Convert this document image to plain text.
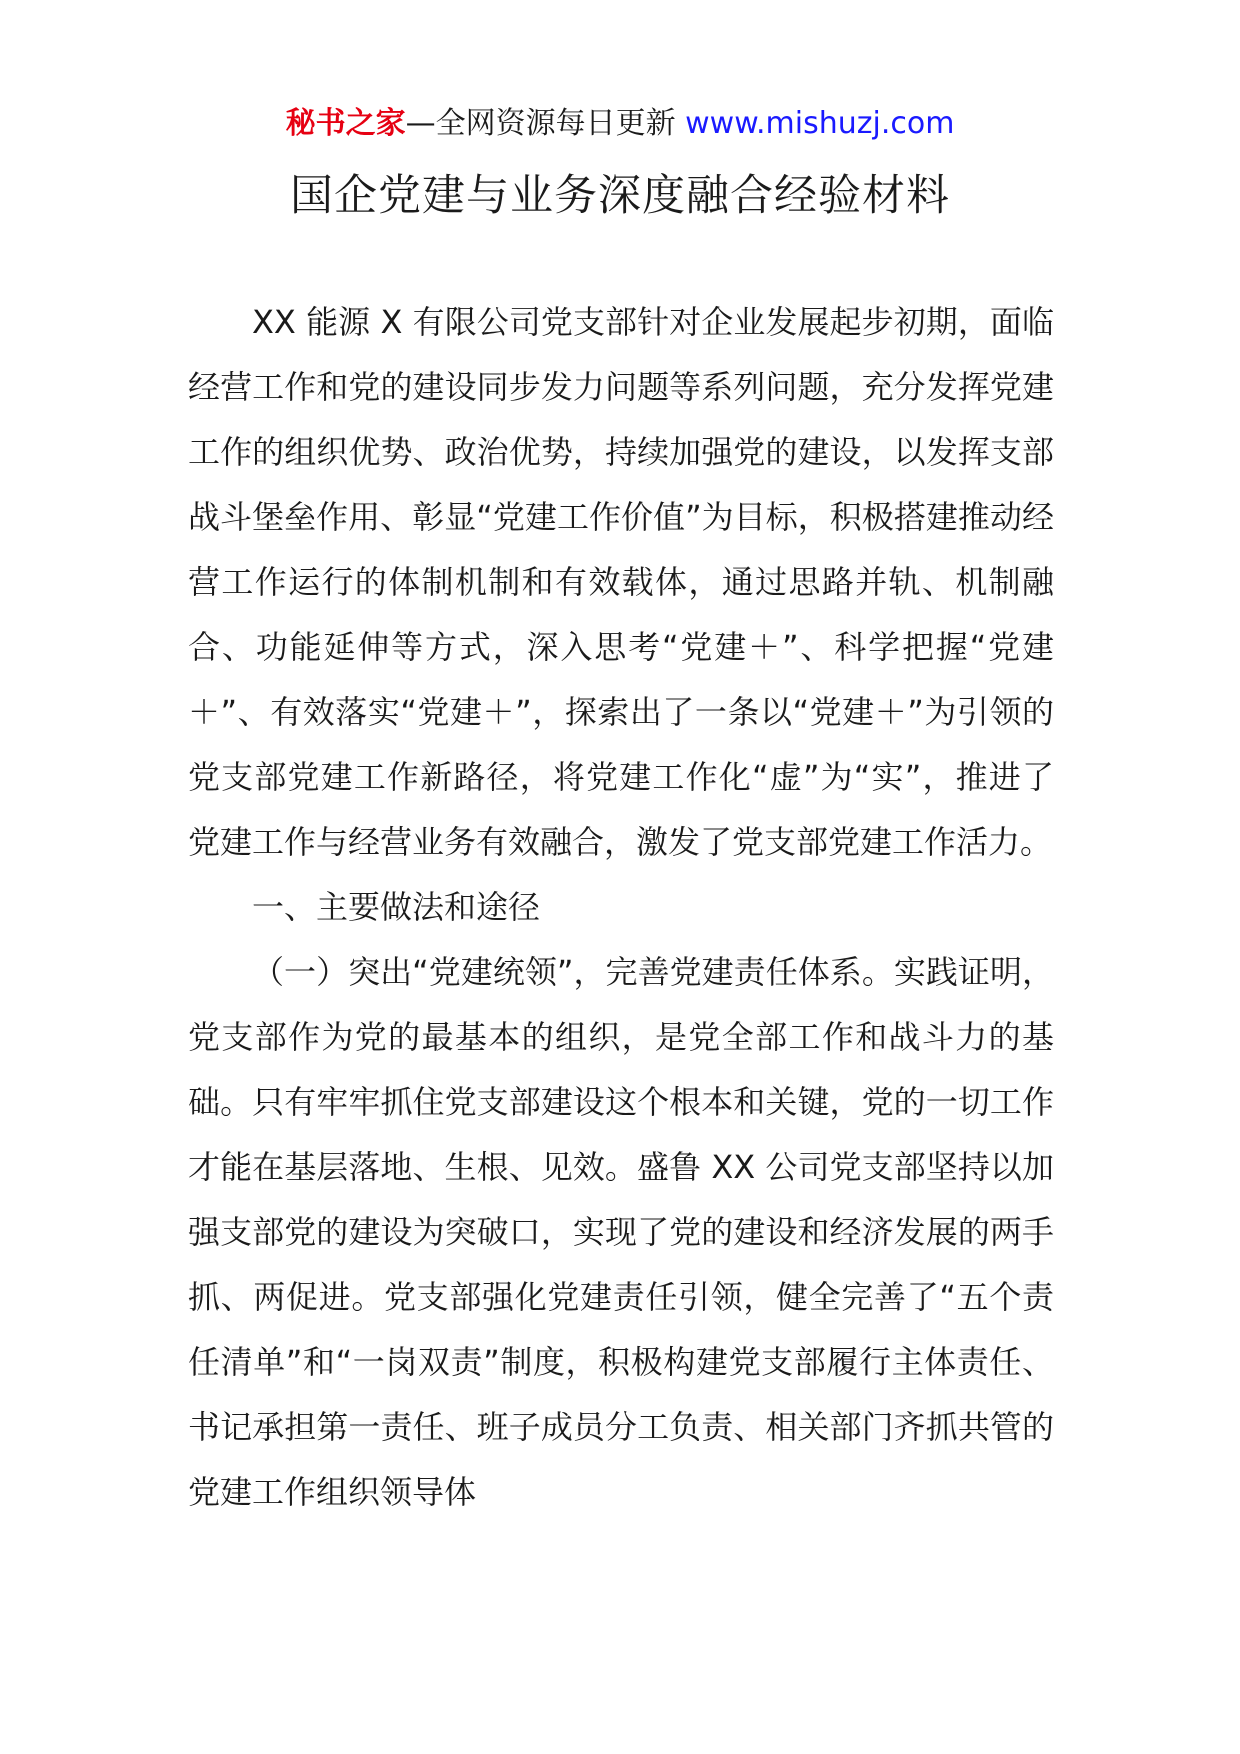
秘书之家—全网资源每日更新 www.mishuzj.com
国企党建与业务深度融合经验材料

XX 能源 X 有限公司党支部针对企业发展起步初期，面临经营工作和党的建设同步发力问题等系列问题，充分发挥党建工作的组织优势、政治优势，持续加强党的建设，以发挥支部战斗堡垒作用、彰显“党建工作价值”为目标，积极搭建推动经营工作运行的体制机制和有效载体，通过思路并轨、机制融合、功能延伸等方式，深入思考“党建＋”、科学把握“党建＋”、有效落实“党建＋”，探索出了一条以“党建＋”为引领的党支部党建工作新路径，将党建工作化“虚”为“实”，推进了党建工作与经营业务有效融合，激发了党支部党建工作活力。

一、主要做法和途径

（一）突出“党建统领”，完善党建责任体系。实践证明，党支部作为党的最基本的组织，是党全部工作和战斗力的基础。只有牢牢抓住党支部建设这个根本和关键，党的一切工作才能在基层落地、生根、见效。盛鲁 XX 公司党支部坚持以加强支部党的建设为突破口，实现了党的建设和经济发展的两手抓、两促进。党支部强化党建责任引领，健全完善了“五个责任清单”和“一岗双责”制度，积极构建党支部履行主体责任、书记承担第一责任、班子成员分工负责、相关部门齐抓共管的党建工作组织领导体
